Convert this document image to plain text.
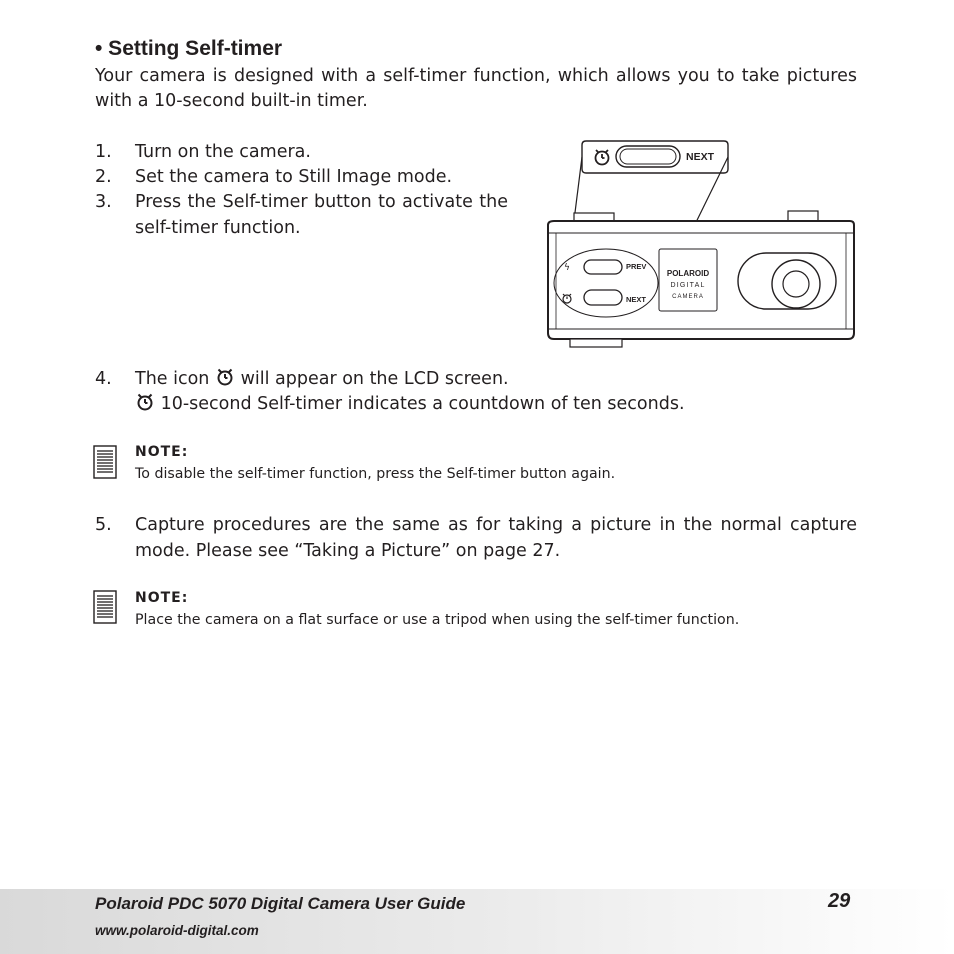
• Setting Self-timer
Your camera is designed with a self-timer function, which allows you to take pictures with a 10-second built-in timer.
1. Turn on the camera.
2. Set the camera to Still Image mode.
3. Press the Self-timer button to activate the self-timer function.
NEXT
ϟ	PREV
NEXT
POLAROID
DIGITAL
CAMERA
4. The icon will appear on the LCD screen.
10-second Self-timer indicates a countdown of ten seconds.
NOTE:
To disable the self-timer function, press the Self-timer button again.
5. Capture procedures are the same as for taking a picture in the normal capture mode. Please see “Taking a Picture” on page 27.
NOTE:
Place the camera on a flat surface or use a tripod when using the self-timer function.
Polaroid PDC 5070 Digital Camera User Guide
www.polaroid-digital.com
29
